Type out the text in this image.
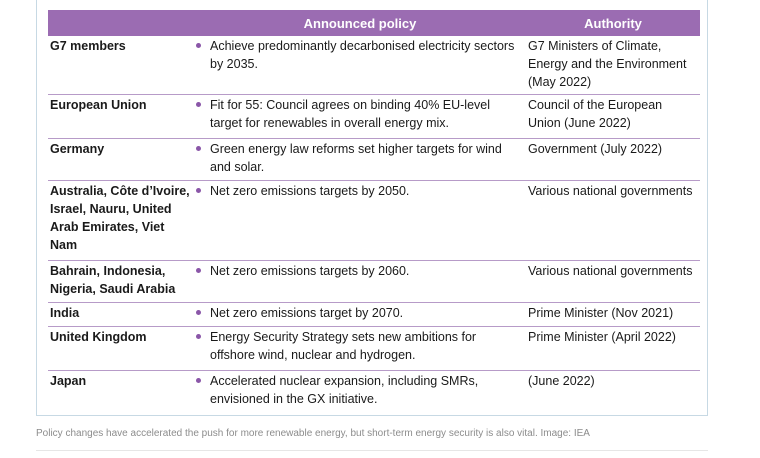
	Announced policy	Authority
G7 members	Achieve predominantly decarbonised electricity sectors by 2035.	G7 Ministers of Climate, Energy and the Environment (May 2022)
European Union	Fit for 55: Council agrees on binding 40% EU-level target for renewables in overall energy mix.	Council of the European Union (June 2022)
Germany	Green energy law reforms set higher targets for wind and solar.	Government (July 2022)
Australia, Côte d’Ivoire, Israel, Nauru, United Arab Emirates, Viet Nam	Net zero emissions targets by 2050.	Various national governments
Bahrain, Indonesia, Nigeria, Saudi Arabia	Net zero emissions targets by 2060.	Various national governments
India	Net zero emissions target by 2070.	Prime Minister (Nov 2021)
United Kingdom	Energy Security Strategy sets new ambitions for offshore wind, nuclear and hydrogen.	Prime Minister (April 2022)
Japan	Accelerated nuclear expansion, including SMRs, envisioned in the GX initiative.	(June 2022)
Policy changes have accelerated the push for more renewable energy, but short-term energy security is also vital. Image: IEA
